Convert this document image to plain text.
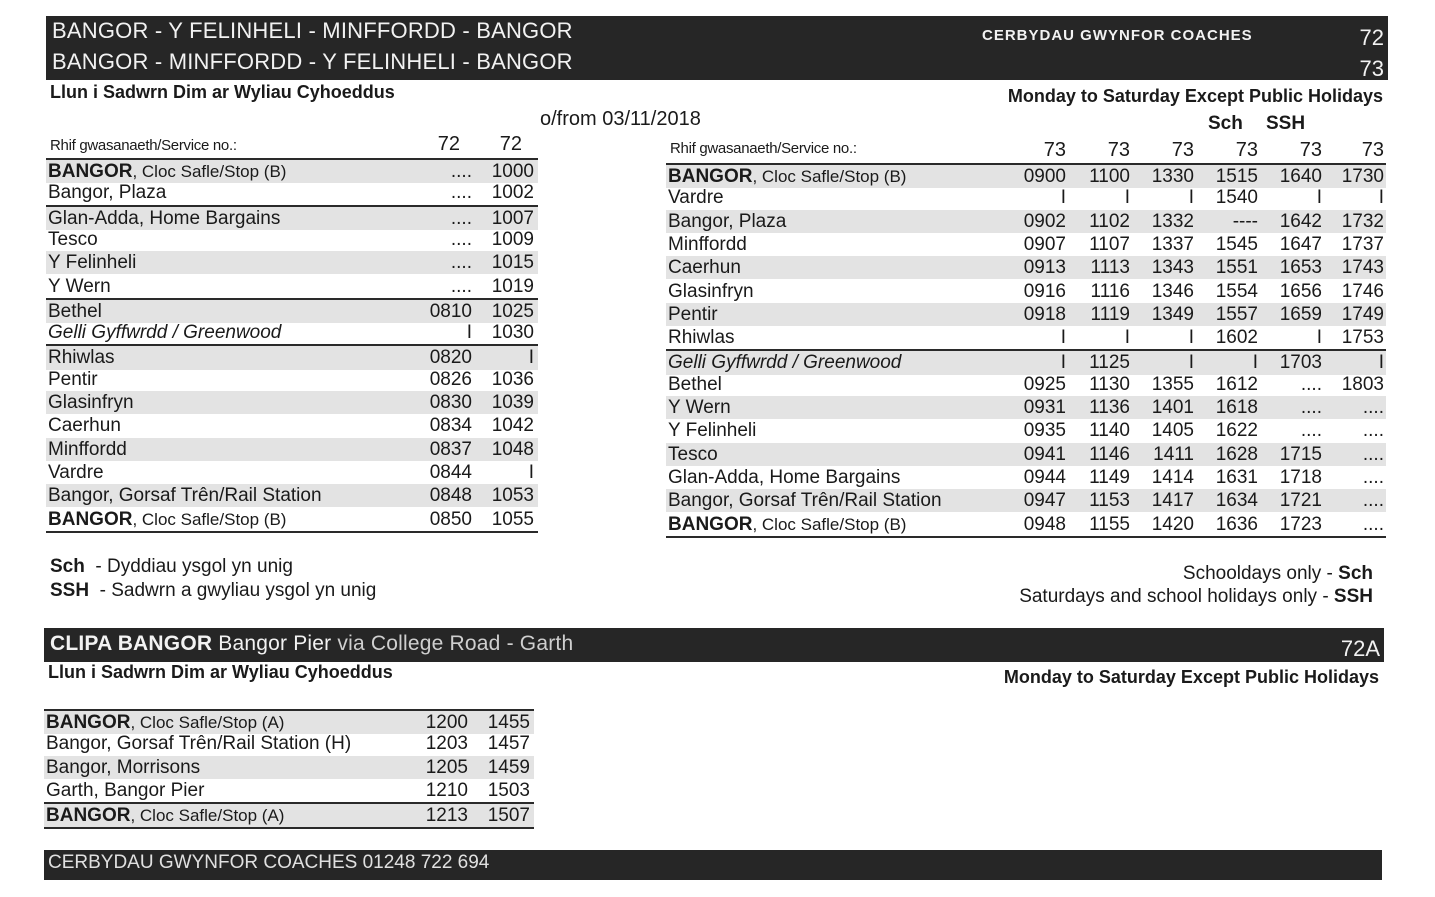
BANGOR - Y FELINHELI - MINFFORDD - BANGOR
BANGOR - MINFFORDD - Y FELINHELI - BANGOR
CERBYDAU GWYNFOR COACHES	72
73
Llun i Sadwrn Dim ar Wyliau Cyhoeddus	Monday to Saturday Except Public Holidays
o/from 03/11/2018
Rhif gwasanaeth/Service no.:	72	72
BANGOR, Cloc Safle/Stop (B)	....	1000
Bangor, Plaza	....	1002
Glan-Adda, Home Bargains	....	1007
Tesco	....	1009
Y Felinheli	....	1015
Y Wern	....	1019
Bethel	0810	1025
Gelli Gyffwrdd / Greenwood	I	1030
Rhiwlas	0820	I
Pentir	0826	1036
Glasinfryn	0830	1039
Caerhun	0834	1042
Minffordd	0837	1048
Vardre	0844	I
Bangor, Gorsaf Trên/Rail Station	0848	1053
BANGOR, Cloc Safle/Stop (B)	0850	1055
Sch SSH
Rhif gwasanaeth/Service no.:	73	73	73	73	73	73
BANGOR, Cloc Safle/Stop (B)	0900	1100	1330	1515	1640	1730
Vardre	I	I	I	1540	I	I
Bangor, Plaza	0902	1102	1332	----	1642	1732
Minffordd	0907	1107	1337	1545	1647	1737
Caerhun	0913	1113	1343	1551	1653	1743
Glasinfryn	0916	1116	1346	1554	1656	1746
Pentir	0918	1119	1349	1557	1659	1749
Rhiwlas	I	I	I	1602	I	1753
Gelli Gyffwrdd / Greenwood	I	1125	I	I	1703	I
Bethel	0925	1130	1355	1612	....	1803
Y Wern	0931	1136	1401	1618	....	....
Y Felinheli	0935	1140	1405	1622	....	....
Tesco	0941	1146	1411	1628	1715	....
Glan-Adda, Home Bargains	0944	1149	1414	1631	1718	....
Bangor, Gorsaf Trên/Rail Station	0947	1153	1417	1634	1721	....
BANGOR, Cloc Safle/Stop (B)	0948	1155	1420	1636	1723	....
Sch - Dyddiau ysgol yn unig
SSH - Sadwrn a gwyliau ysgol yn unig
Schooldays only - Sch
Saturdays and school holidays only - SSH
CLIPA BANGOR Bangor Pier via College Road - Garth	72A
Llun i Sadwrn Dim ar Wyliau Cyhoeddus	Monday to Saturday Except Public Holidays
BANGOR, Cloc Safle/Stop (A)	1200	1455
Bangor, Gorsaf Trên/Rail Station (H)	1203	1457
Bangor, Morrisons	1205	1459
Garth, Bangor Pier	1210	1503
BANGOR, Cloc Safle/Stop (A)	1213	1507
CERBYDAU GWYNFOR COACHES 01248 722 694
